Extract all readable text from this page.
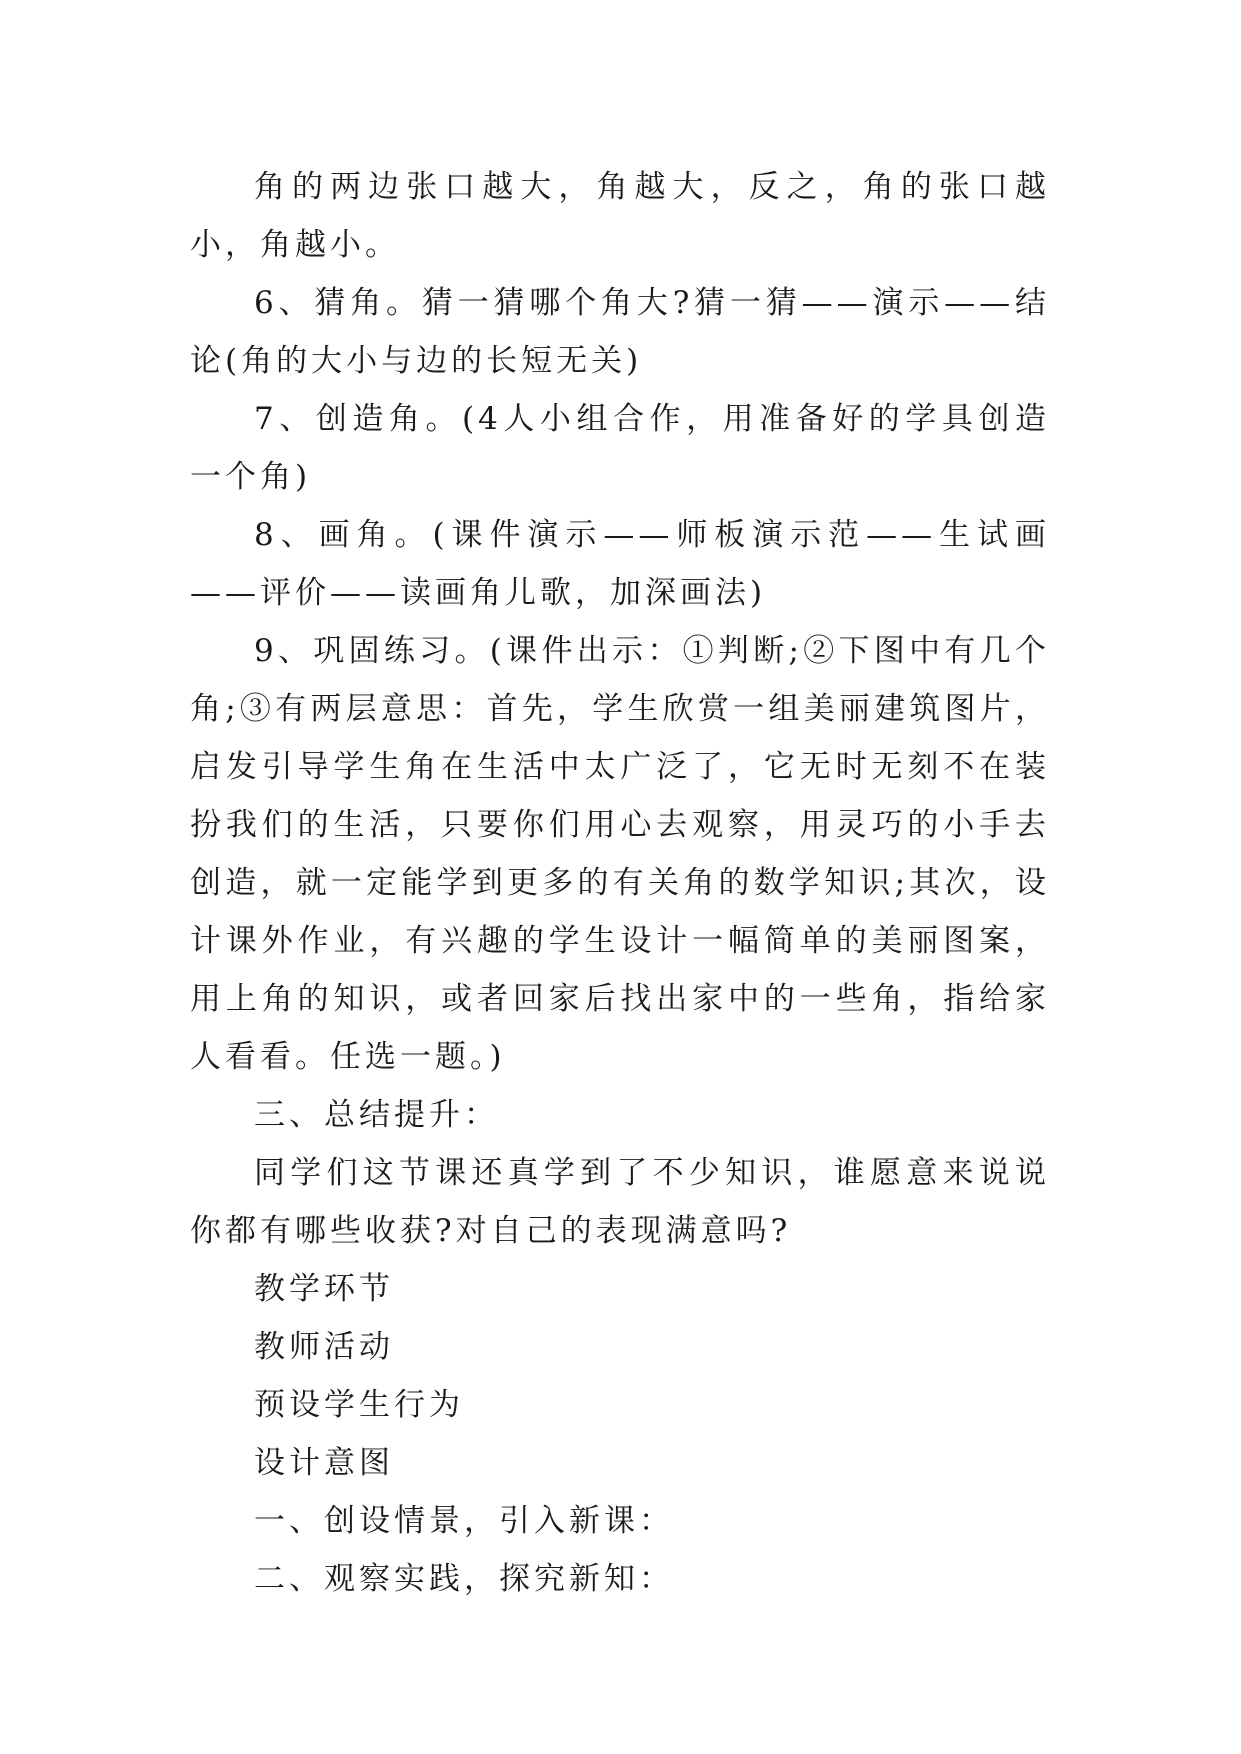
角的两边张口越大，角越大，反之，角的张口越小，角越小。

6、猜角。猜一猜哪个角大?猜一猜——演示——结论(角的大小与边的长短无关)

7、创造角。(4人小组合作，用准备好的学具创造一个角)

8、画角。(课件演示——师板演示范——生试画——评价——读画角儿歌，加深画法)

9、巩固练习。(课件出示：①判断;②下图中有几个角;③有两层意思：首先，学生欣赏一组美丽建筑图片，启发引导学生角在生活中太广泛了，它无时无刻不在装扮我们的生活，只要你们用心去观察，用灵巧的小手去创造，就一定能学到更多的有关角的数学知识;其次，设计课外作业，有兴趣的学生设计一幅简单的美丽图案，用上角的知识，或者回家后找出家中的一些角，指给家人看看。任选一题。)

三、总结提升：

同学们这节课还真学到了不少知识，谁愿意来说说你都有哪些收获?对自己的表现满意吗?

教学环节

教师活动

预设学生行为

设计意图

一、创设情景，引入新课：

二、观察实践，探究新知：
